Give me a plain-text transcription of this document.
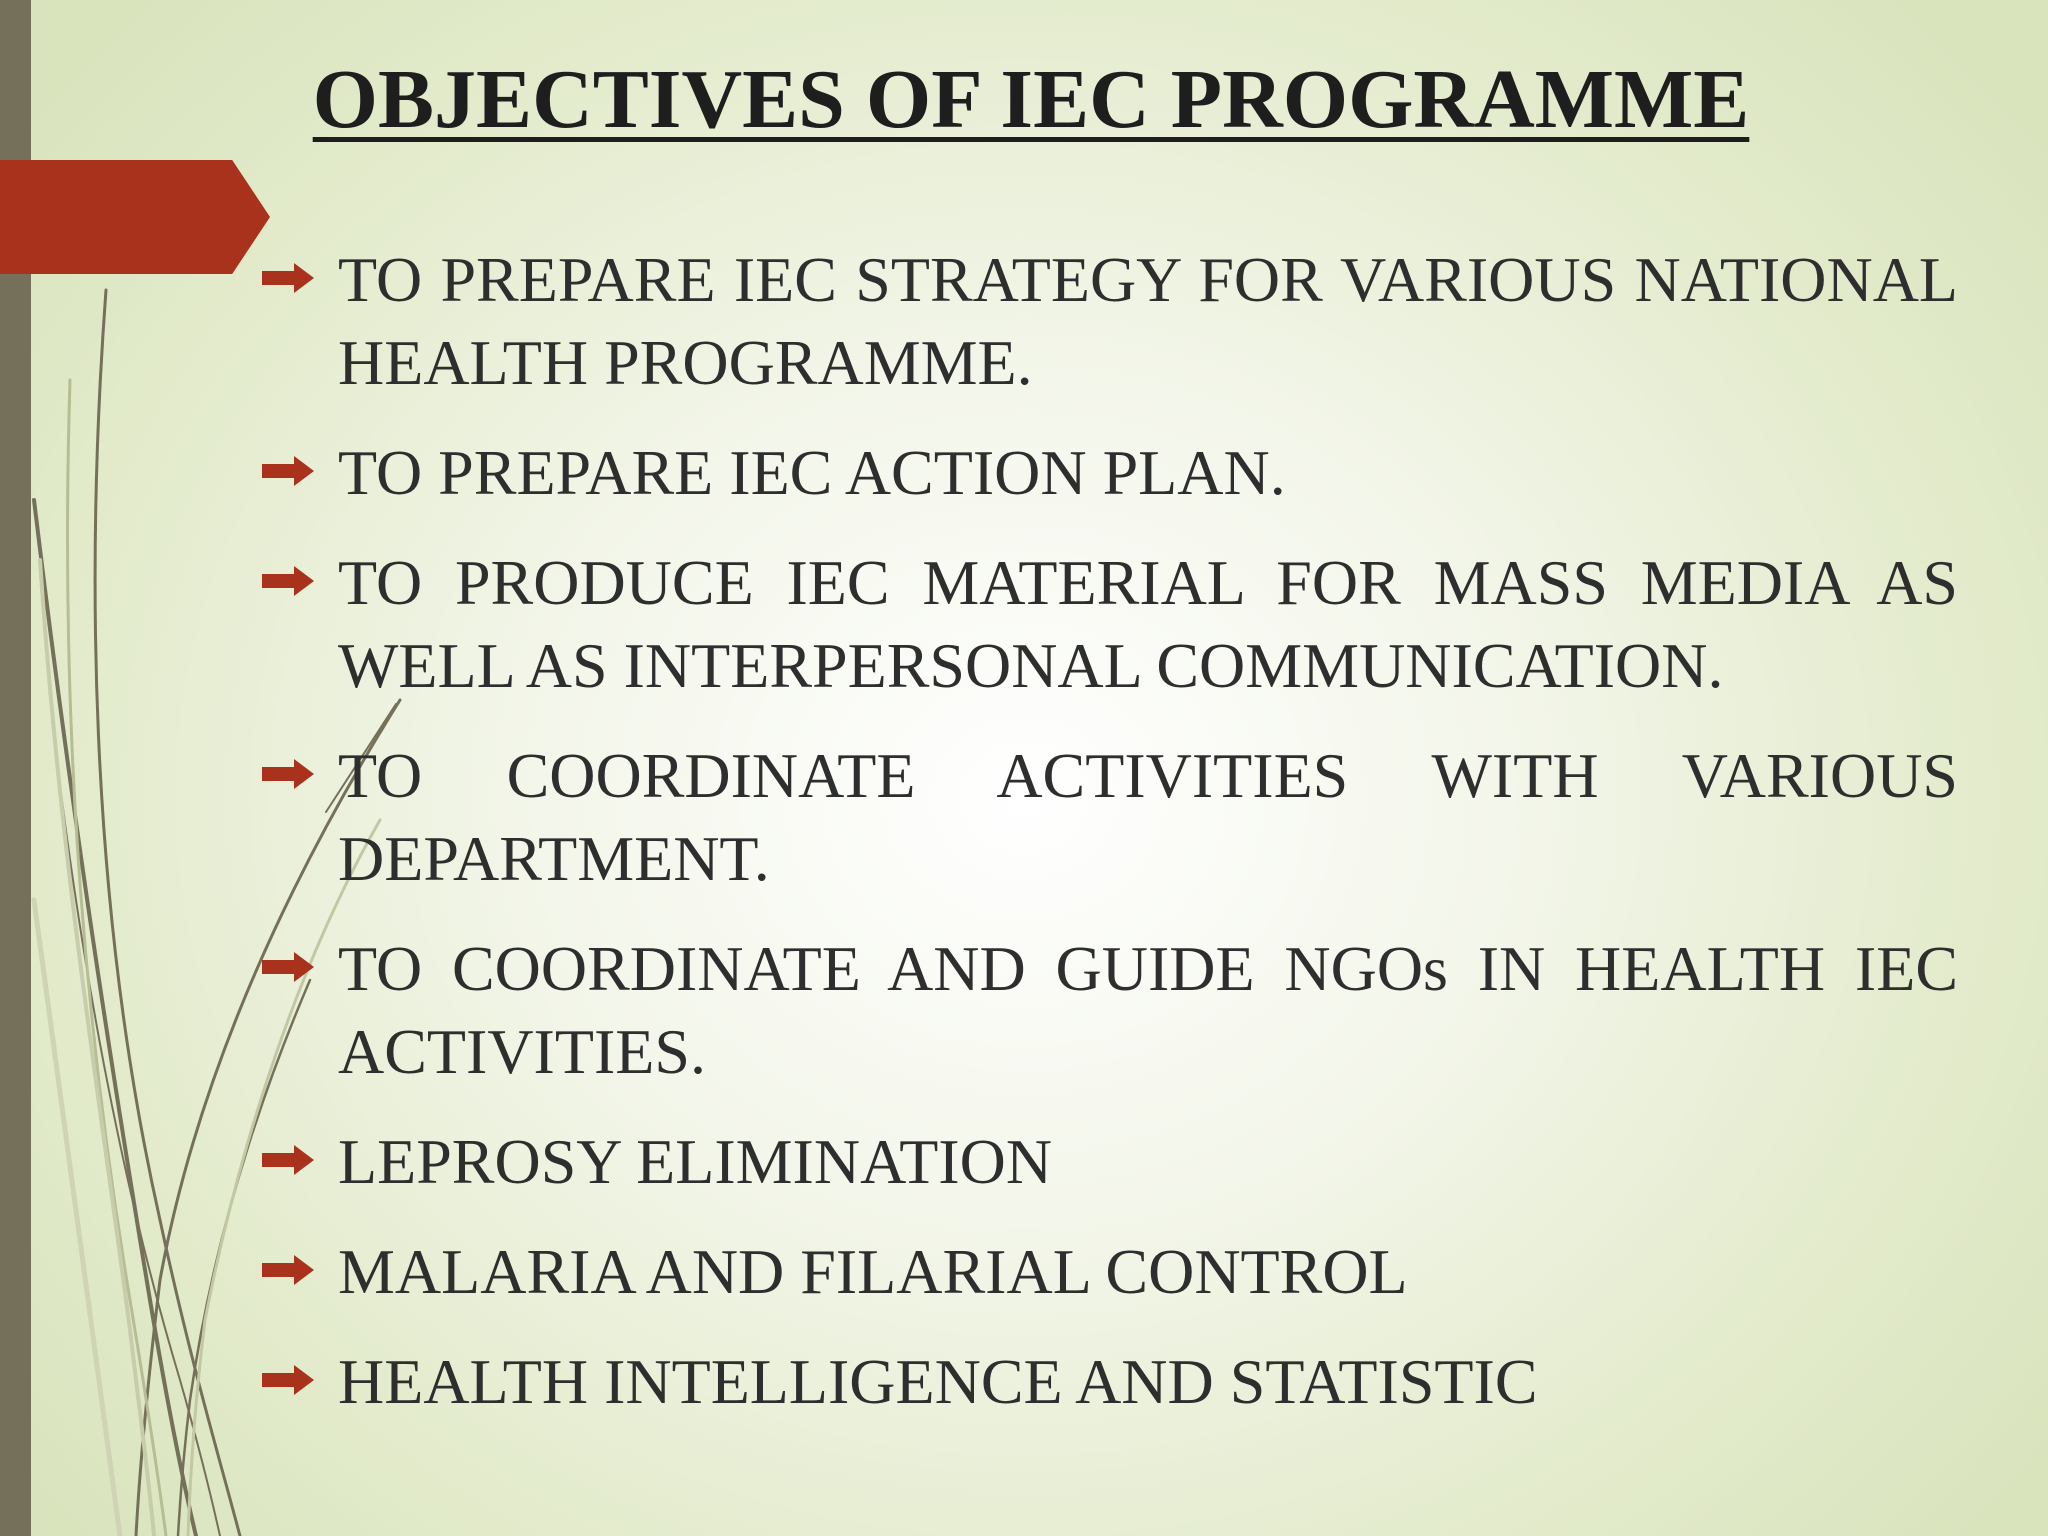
OBJECTIVES OF IEC PROGRAMME
TO PREPARE IEC STRATEGY FOR VARIOUS NATIONAL HEALTH PROGRAMME.
TO PREPARE IEC ACTION PLAN.
TO PRODUCE IEC MATERIAL FOR MASS MEDIA AS WELL AS INTERPERSONAL COMMUNICATION.
TO COORDINATE ACTIVITIES WITH VARIOUS DEPARTMENT.
TO COORDINATE AND GUIDE NGOs IN HEALTH IEC ACTIVITIES.
LEPROSY ELIMINATION
MALARIA AND FILARIAL CONTROL
HEALTH INTELLIGENCE AND STATISTIC
